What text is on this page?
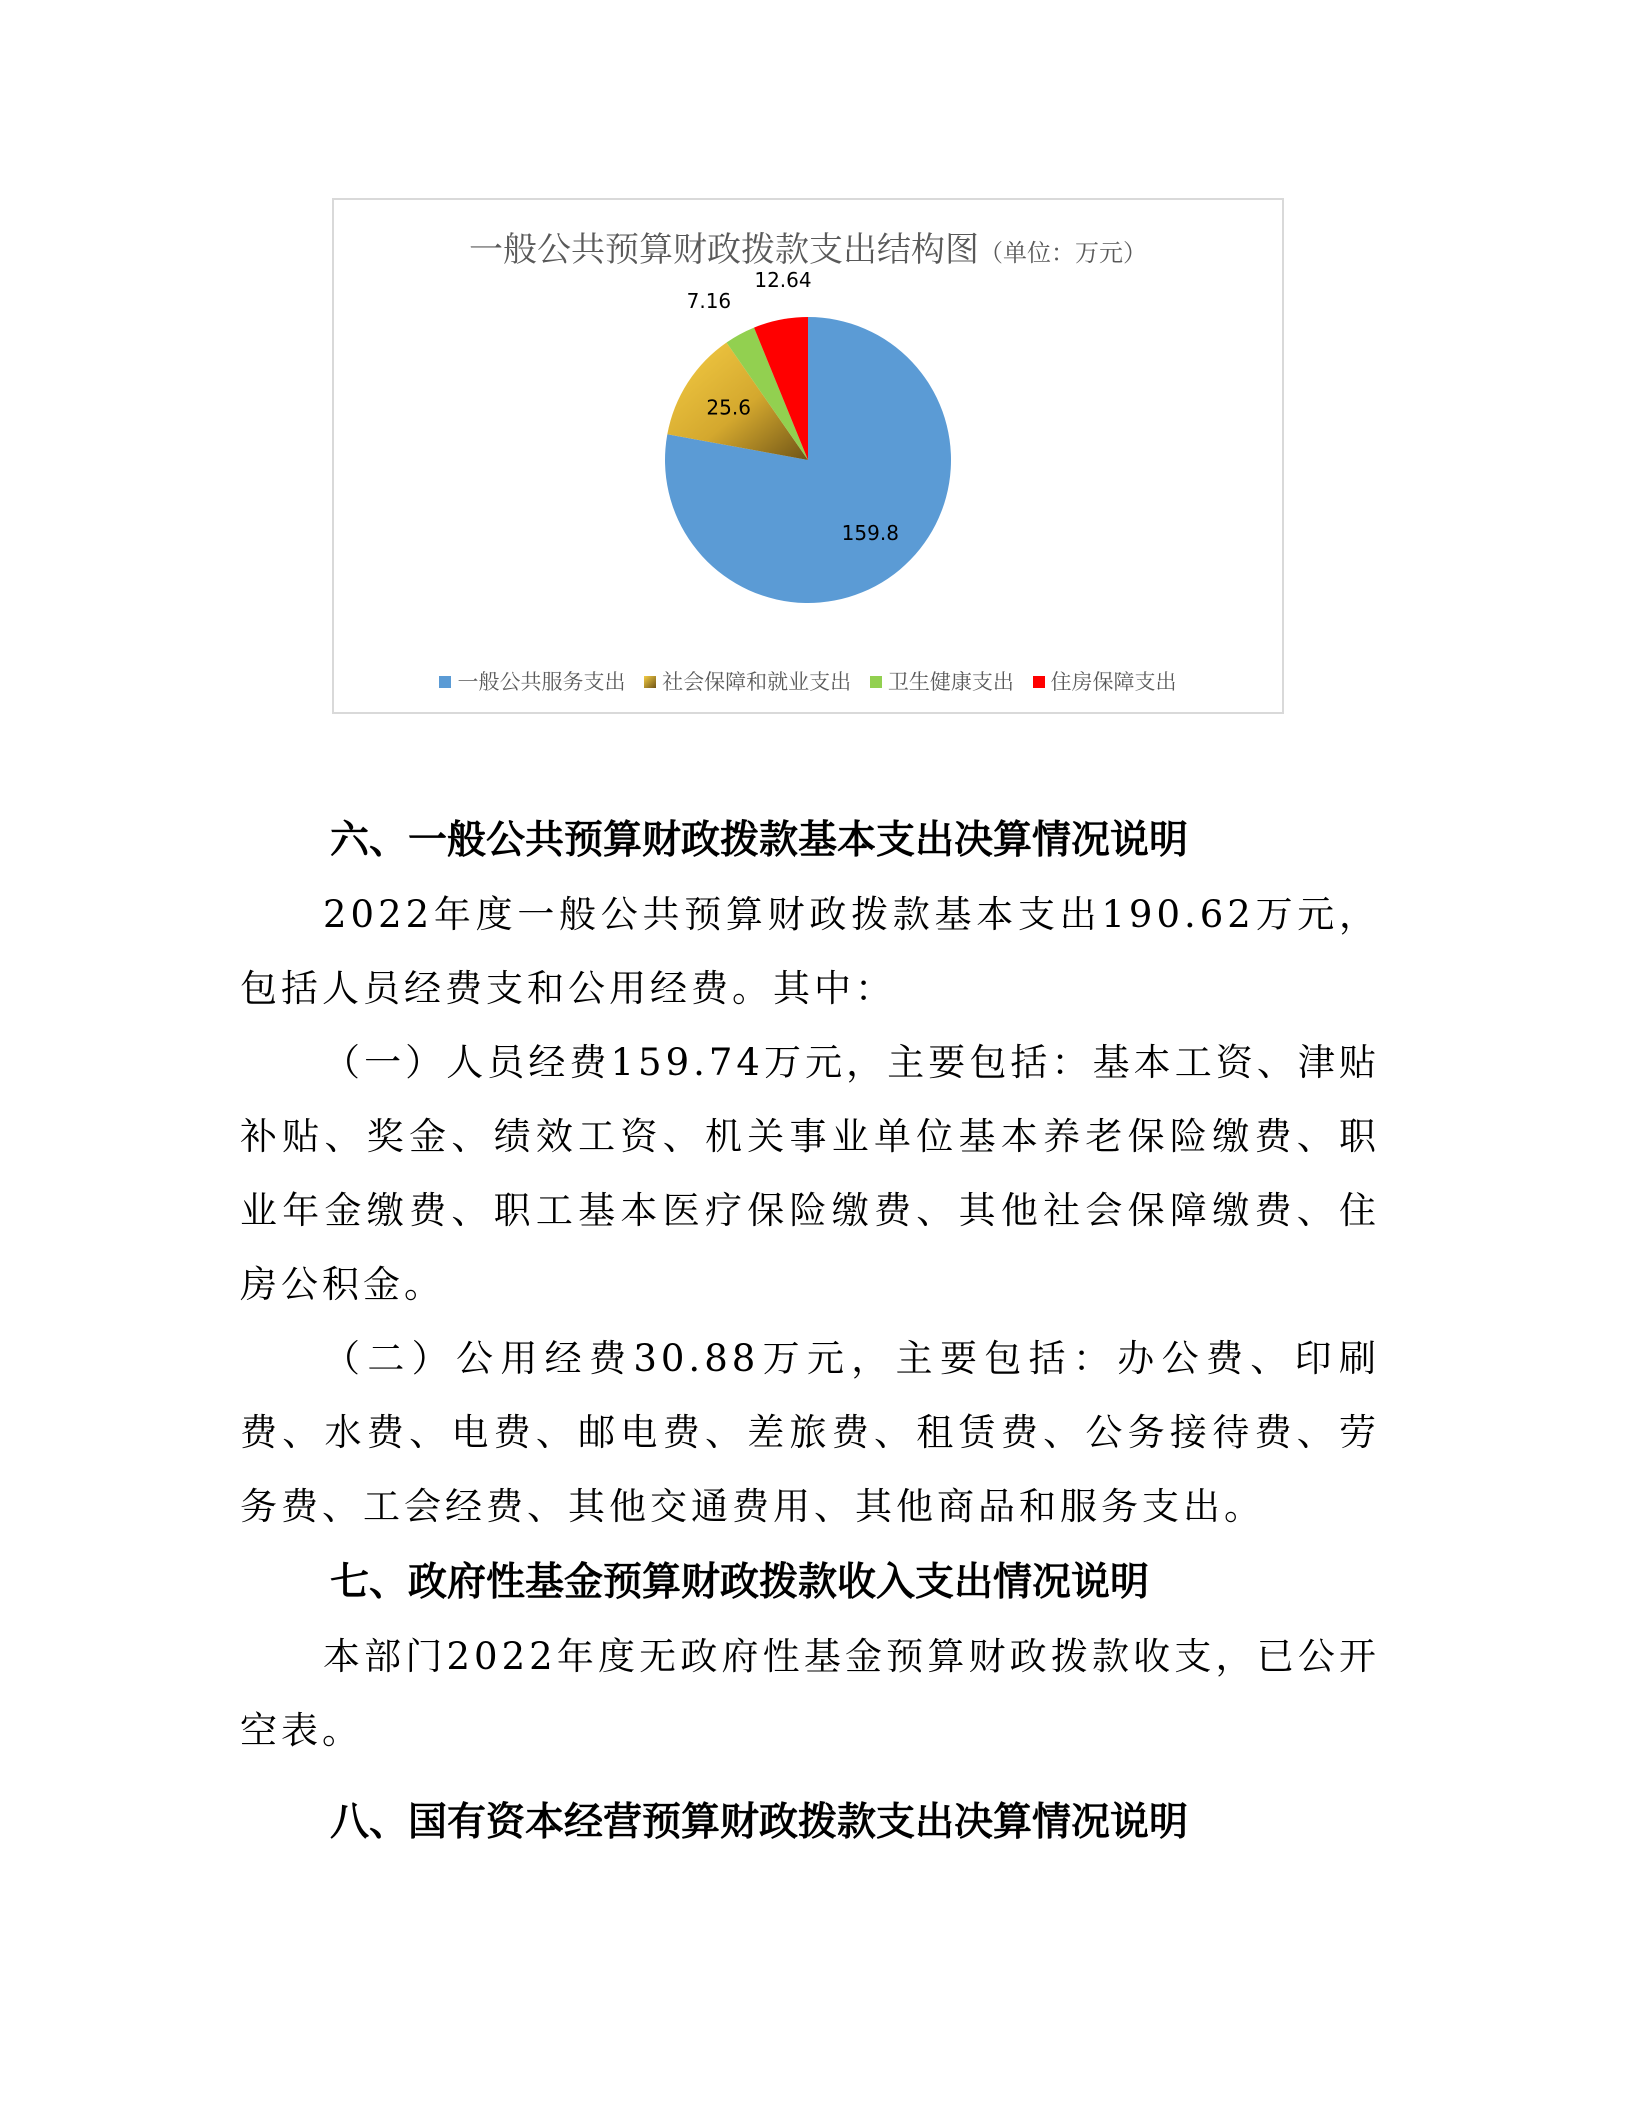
一般公共预算财政拨款支出结构图（单位：万元）
159.8
25.6
7.16
12.64
一般公共服务支出 社会保障和就业支出 卫生健康支出 住房保障支出
六、一般公共预算财政拨款基本支出决算情况说明

2022年度一般公共预算财政拨款基本支出190.62万元，包括人员经费支和公用经费。其中：

（一）人员经费159.74万元，主要包括：基本工资、津贴补贴、奖金、绩效工资、机关事业单位基本养老保险缴费、职业年金缴费、职工基本医疗保险缴费、其他社会保障缴费、住房公积金。

（二）公用经费30.88万元，主要包括：办公费、印刷费、水费、电费、邮电费、差旅费、租赁费、公务接待费、劳务费、工会经费、其他交通费用、其他商品和服务支出。

七、政府性基金预算财政拨款收入支出情况说明

本部门2022年度无政府性基金预算财政拨款收支，已公开空表。

八、国有资本经营预算财政拨款支出决算情况说明
